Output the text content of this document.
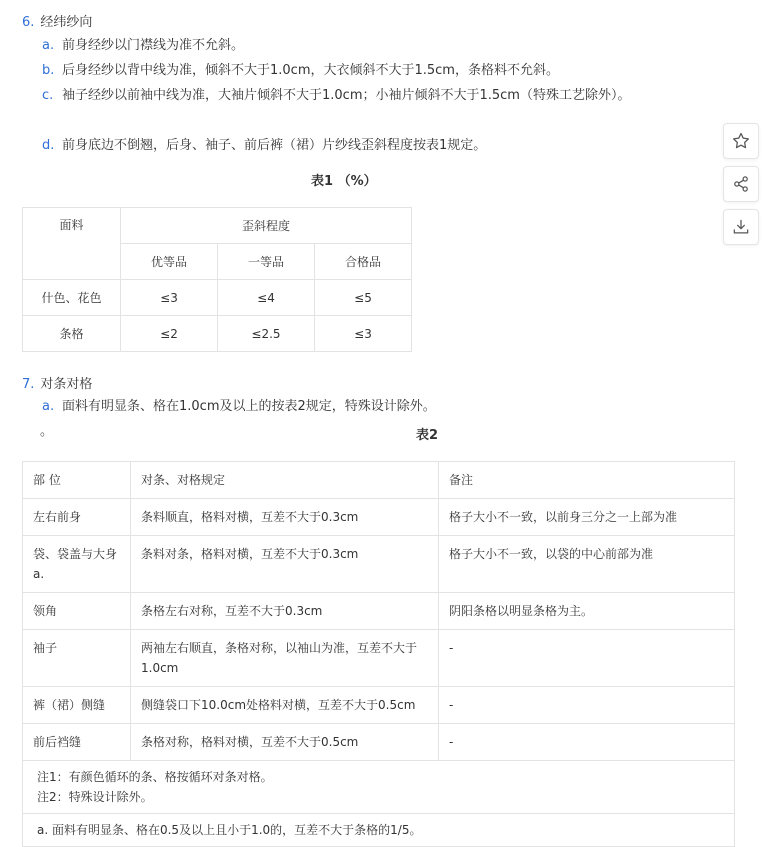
6. 经纬纱向
a. 前身经纱以门襟线为准不允斜。
b. 后身经纱以背中线为准，倾斜不大于1.0cm，大衣倾斜不大于1.5cm，条格料不允斜。
c. 袖子经纱以前袖中线为准，大袖片倾斜不大于1.0cm；小袖片倾斜不大于1.5cm（特殊工艺除外）。
d. 前身底边不倒翘，后身、袖子、前后裤（裙）片纱线歪斜程度按表1规定。
表1 （%）
面料	歪斜程度		
	优等品	一等品	合格品
什色、花色	≤3	≤4	≤5
条格	≤2	≤2.5	≤3
7. 对条对格
a. 面料有明显条、格在1.0cm及以上的按表2规定，特殊设计除外。
。	表2
部 位	对条、对格规定	备注
左右前身	条料顺直，格料对横，互差不大于0.3cm	格子大小不一致，以前身三分之一上部为准
袋、袋盖与大身 a.	条料对条，格料对横，互差不大于0.3cm	格子大小不一致，以袋的中心前部为准
领角	条格左右对称，互差不大于0.3cm	阴阳条格以明显条格为主。
袖子	两袖左右顺直，条格对称，以袖山为准，互差不大于1.0cm	-
裤（裙）侧缝	侧缝袋口下10.0cm处格料对横，互差不大于0.5cm	-
前后裆缝	条格对称，格料对横，互差不大于0.5cm	-

注1：有颜色循环的条、格按循环对条对格。
注2：特殊设计除外。		

a. 面料有明显条、格在0.5及以上且小于1.0的，互差不大于条格的1/5。		
